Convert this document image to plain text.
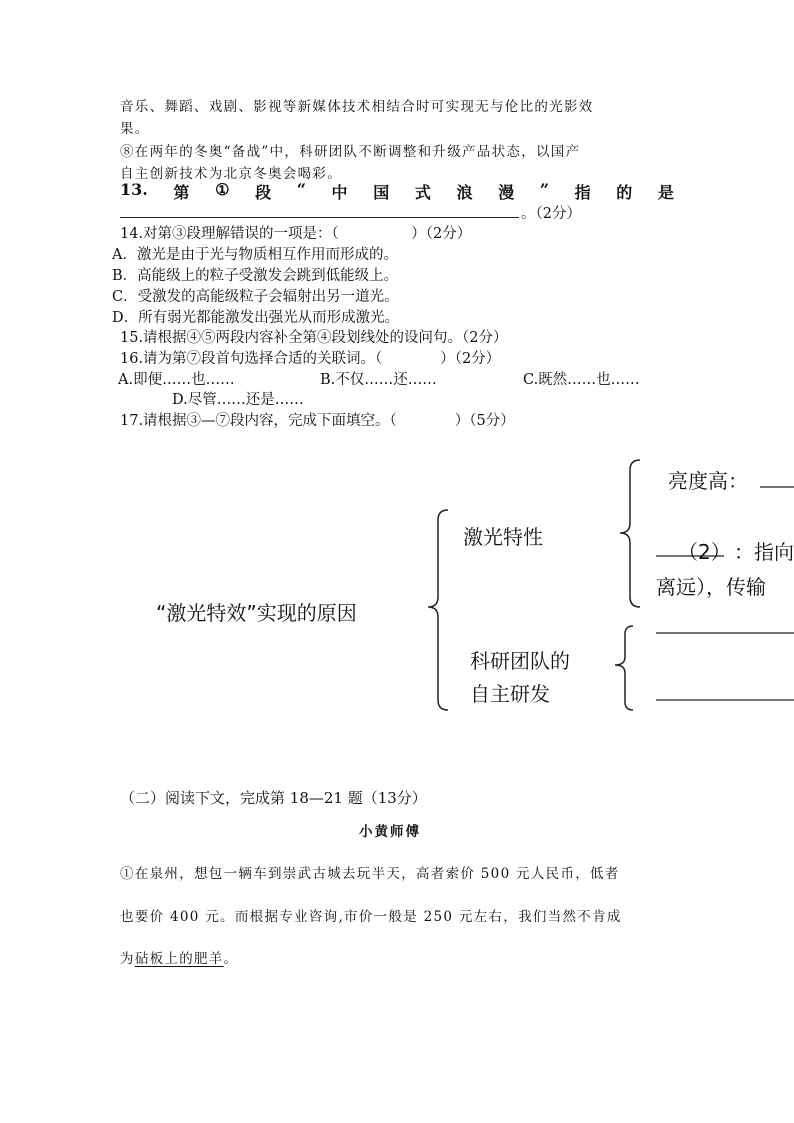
音乐、舞蹈、戏剧、影视等新媒体技术相结合时可实现无与伦比的光影效
果。
⑧在两年的冬奥“备战”中，科研团队不断调整和升级产品状态，以国产
自主创新技术为北京冬奥会喝彩。
13. 第 ① 段 “ 中 国 式 浪 漫 ” 指 的 是
。（2分）
14.对第③段理解错误的一项是：（　　　　　）（2分）
A．激光是由于光与物质相互作用而形成的。
B．高能级上的粒子受激发会跳到低能级上。
C．受激发的高能级粒子会辐射出另一道光。
D．所有弱光都能激发出强光从而形成激光。
15.请根据④⑤两段内容补全第④段划线处的设问句。（2分）
16.请为第⑦段首句选择合适的关联词。（　　　　）（2分）
A.即便……也……	B.不仅……还……	C.既然……也……
D.尽管……还是……
17.请根据③—⑦段内容，完成下面填空。（　　　　）（5分）
“激光特效”实现的原因
激光特性
科研团队的
自主研发
亮度高：
（2） ：指向
离远），传输
（二）阅读下文，完成第 18—21 题（13分）
小黄师傅
①在泉州，想包一辆车到崇武古城去玩半天，高者索价 500 元人民币，低者
也要价 400 元。而根据专业咨询,市价一般是 250 元左右，我们当然不肯成
为砧板上的肥羊。
